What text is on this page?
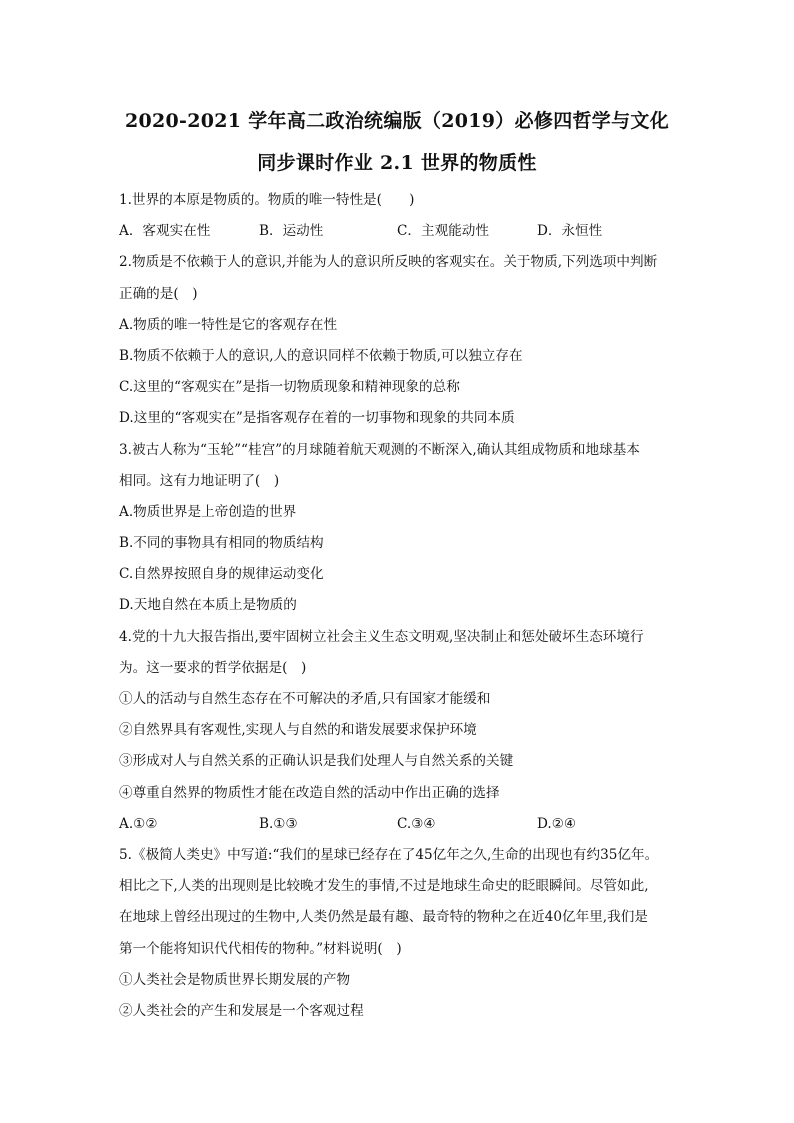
2020-2021 学年高二政治统编版（2019）必修四哲学与文化
同步课时作业 2.1 世界的物质性
1.世界的本原是物质的。物质的唯一特性是(　　)
A．客观实在性	B．运动性	C．主观能动性	D．永恒性
2.物质是不依赖于人的意识,并能为人的意识所反映的客观实在。关于物质,下列选项中判断
正确的是(　)
A.物质的唯一特性是它的客观存在性
B.物质不依赖于人的意识,人的意识同样不依赖于物质,可以独立存在
C.这里的“客观实在”是指一切物质现象和精神现象的总称
D.这里的“客观实在”是指客观存在着的一切事物和现象的共同本质
3.被古人称为“玉轮”“桂宫”的月球随着航天观测的不断深入,确认其组成物质和地球基本
相同。这有力地证明了(　)
A.物质世界是上帝创造的世界
B.不同的事物具有相同的物质结构
C.自然界按照自身的规律运动变化
D.天地自然在本质上是物质的
4.党的十九大报告指出,要牢固树立社会主义生态文明观,坚决制止和惩处破坏生态环境行
为。这一要求的哲学依据是(　)
①人的活动与自然生态存在不可解决的矛盾,只有国家才能缓和
②自然界具有客观性,实现人与自然的和谐发展要求保护环境
③形成对人与自然关系的正确认识是我们处理人与自然关系的关键
④尊重自然界的物质性才能在改造自然的活动中作出正确的选择
A.①②	B.①③	C.③④	D.②④
5.《极简人类史》中写道:“我们的星球已经存在了45亿年之久,生命的出现也有约35亿年。
相比之下,人类的出现则是比较晚才发生的事情,不过是地球生命史的眨眼瞬间。尽管如此,
在地球上曾经出现过的生物中,人类仍然是最有趣、最奇特的物种之在近40亿年里,我们是
第一个能将知识代代相传的物种。”材料说明(　)
①人类社会是物质世界长期发展的产物
②人类社会的产生和发展是一个客观过程
